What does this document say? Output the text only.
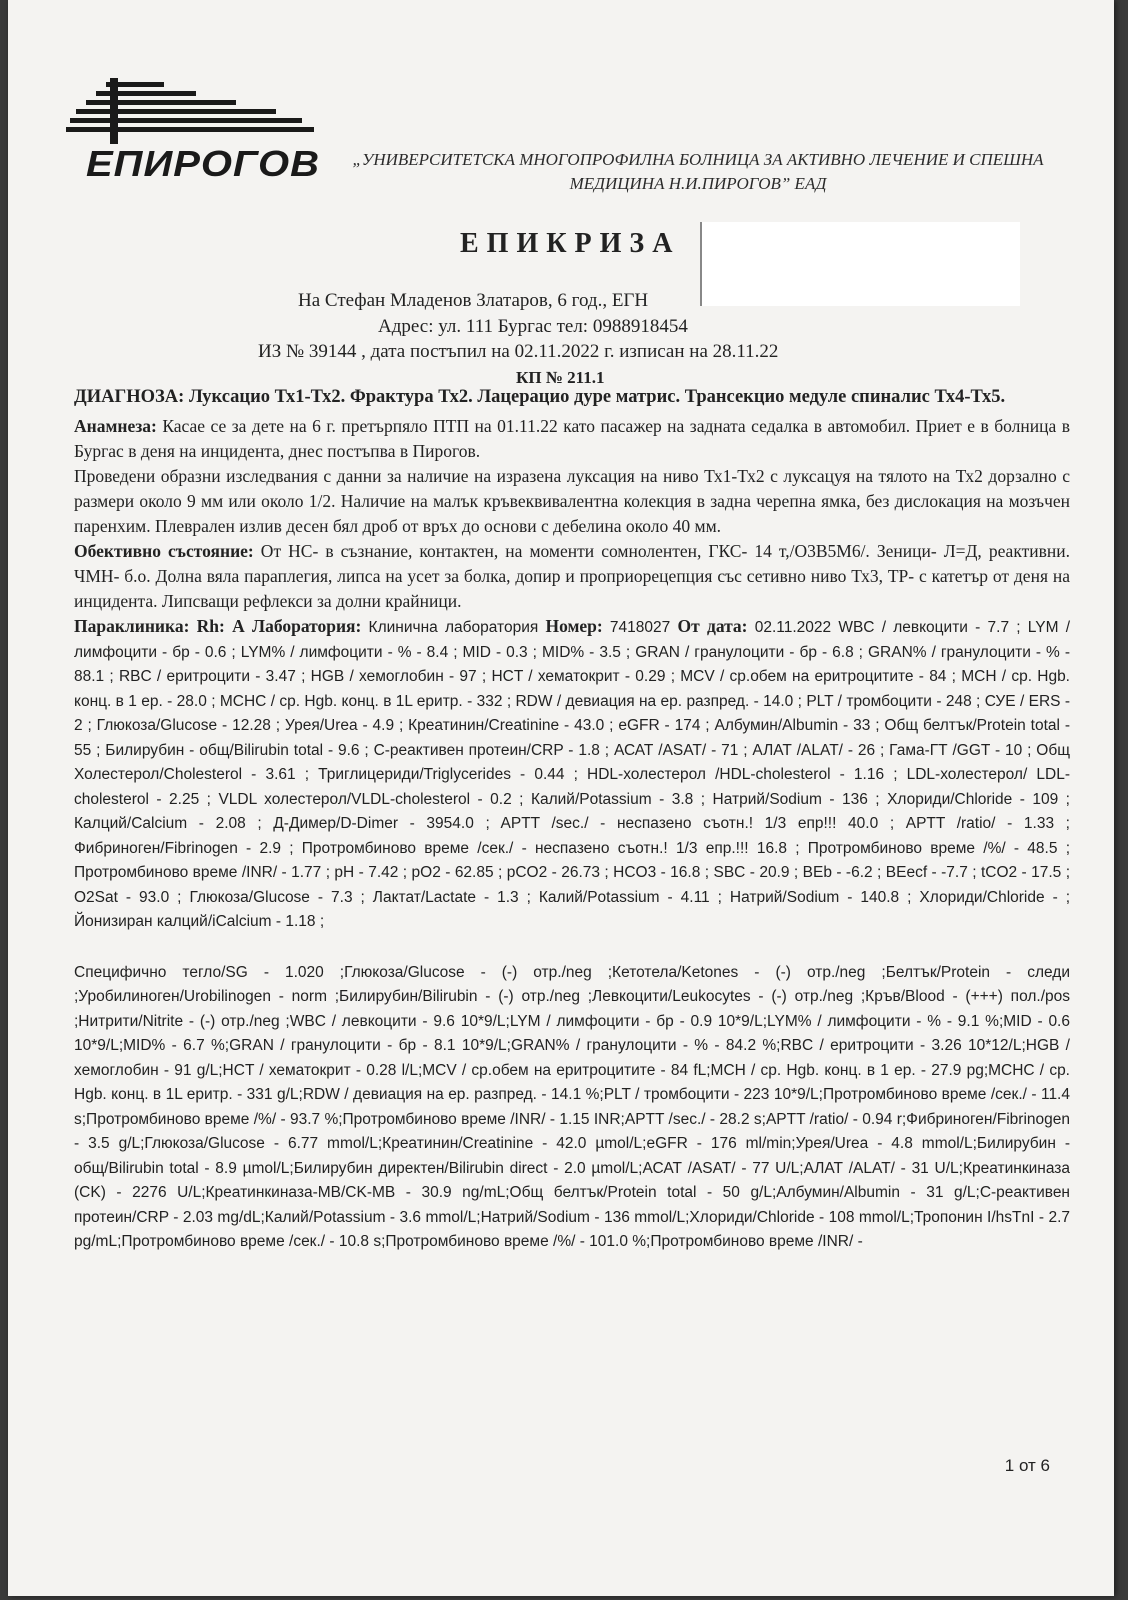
ЕПИРОГОВ	„УНИВЕРСИТЕТСКА МНОГОПРОФИЛНА БОЛНИЦА ЗА АКТИВНО ЛЕЧЕНИЕ И СПЕШНА
МЕДИЦИНА Н.И.ПИРОГОВ” ЕАД
ЕПИКРИЗА
На Стефан Младенов Златаров, 6 год., ЕГН
Адрес: ул. 111 Бургас тел: 0988918454
ИЗ № 39144 , дата постъпил на 02.11.2022 г. изписан на 28.11.22
КП № 211.1

ДИАГНОЗА: Луксацио Тх1-Тх2. Фрактура Тх2. Лацерацио дуре матрис. Трансекцио медуле спиналис Тх4-Тх5.

Анамнеза: Касае се за дете на 6 г. претърпяло ПТП на 01.11.22 като пасажер на задната седалка в автомобил. Приет е в болница в Бургас в деня на инцидента, днес постъпва в Пирогов.

Проведени образни изследвания с данни за наличие на изразена луксация на ниво Тх1-Тх2 с луксацуя на тялото на Тх2 дорзално с размери около 9 мм или около 1/2. Наличие на малък кръвеквивалентна колекция в задна черепна ямка, без дислокация на мозъчен паренхим. Плеврален излив десен бял дроб от връх до основи с дебелина около 40 мм.

Обективно състояние: От НС- в съзнание, контактен, на моменти сомнолентен, ГКС- 14 т,/О3В5М6/. Зеници- Л=Д, реактивни. ЧМН- б.о. Долна вяла параплегия, липса на усет за болка, допир и проприорецепция със сетивно ниво Тх3, ТР- с катетър от деня на инцидента. Липсващи рефлекси за долни крайници.

Параклиника: Rh: А Лаборатория: Клинична лаборатория Номер: 7418027 От дата: 02.11.2022 WBC / левкоцити - 7.7 ; LYM / лимфоцити - бр - 0.6 ; LYM% / лимфоцити - % - 8.4 ; MID - 0.3 ; MID% - 3.5 ; GRAN / гранулоцити - бр - 6.8 ; GRAN% / гранулоцити - % - 88.1 ; RBC / еритроцити - 3.47 ; HGB / хемоглобин - 97 ; HCT / хематокрит - 0.29 ; MCV / ср.обем на еритроцитите - 84 ; MCH / ср. Hgb. конц. в 1 ер. - 28.0 ; MCHC / ср. Hgb. конц. в 1L еритр. - 332 ; RDW / девиация на ер. разпред. - 14.0 ; PLT / тромбоцити - 248 ; СУЕ / ERS - 2 ; Глюкоза/Glucose - 12.28 ; Урея/Urea - 4.9 ; Креатинин/Creatinine - 43.0 ; eGFR - 174 ; Албумин/Albumin - 33 ; Общ белтък/Protein total - 55 ; Билирубин - общ/Bilirubin total - 9.6 ; С-реактивен протеин/CRP - 1.8 ; АСАТ /ASAT/ - 71 ; АЛАТ /ALAT/ - 26 ; Гама-ГТ /GGT - 10 ; Общ Холестерол/Cholesterol - 3.61 ; Триглицериди/Triglycerides - 0.44 ; HDL-холестерол /HDL-cholesterol - 1.16 ; LDL-холестерол/ LDL-cholesterol - 2.25 ; VLDL холестерол/VLDL-cholesterol - 0.2 ; Калий/Potassium - 3.8 ; Натрий/Sodium - 136 ; Хлориди/Chloride - 109 ; Калций/Calcium - 2.08 ; Д-Димер/D-Dimer - 3954.0 ; APTT /sec./ - неспазено съотн.! 1/3 епр!!! 40.0 ; APTT /ratio/ - 1.33 ; Фибриноген/Fibrinogen - 2.9 ; Протромбиново време /сек./ - неспазено съотн.! 1/3 епр.!!! 16.8 ; Протромбиново време /%/ - 48.5 ; Протромбиново време /INR/ - 1.77 ; pH - 7.42 ; pO2 - 62.85 ; pCO2 - 26.73 ; HCO3 - 16.8 ; SBC - 20.9 ; BEb - -6.2 ; BEecf - -7.7 ; tCO2 - 17.5 ; O2Sat - 93.0 ; Глюкоза/Glucose - 7.3 ; Лактат/Lactate - 1.3 ; Калий/Potassium - 4.11 ; Натрий/Sodium - 140.8 ; Хлориди/Chloride - ; Йонизиран калций/iCalcium - 1.18 ;

Специфично тегло/SG - 1.020 ;Глюкоза/Glucose - (-) отр./neg ;Кетотела/Ketones - (-) отр./neg ;Белтък/Protein - следи ;Уробилиноген/Urobilinogen - norm ;Билирубин/Bilirubin - (-) отр./neg ;Левкоцити/Leukocytes - (-) отр./neg ;Кръв/Blood - (+++) пол./pos ;Нитрити/Nitrite - (-) отр./neg ;WBC / левкоцити - 9.6 10*9/L;LYM / лимфоцити - бр - 0.9 10*9/L;LYM% / лимфоцити - % - 9.1 %;MID - 0.6 10*9/L;MID% - 6.7 %;GRAN / гранулоцити - бр - 8.1 10*9/L;GRAN% / гранулоцити - % - 84.2 %;RBC / еритроцити - 3.26 10*12/L;HGB / хемоглобин - 91 g/L;HCT / хематокрит - 0.28 l/L;MCV / ср.обем на еритроцитите - 84 fL;MCH / ср. Hgb. конц. в 1 ер. - 27.9 pg;MCHC / ср. Hgb. конц. в 1L еритр. - 331 g/L;RDW / девиация на ер. разпред. - 14.1 %;PLT / тромбоцити - 223 10*9/L;Протромбиново време /сек./ - 11.4 s;Протромбиново време /%/ - 93.7 %;Протромбиново време /INR/ - 1.15 INR;APTT /sec./ - 28.2 s;APTT /ratio/ - 0.94 r;Фибриноген/Fibrinogen - 3.5 g/L;Глюкоза/Glucose - 6.77 mmol/L;Креатинин/Creatinine - 42.0 µmol/L;eGFR - 176 ml/min;Урея/Urea - 4.8 mmol/L;Билирубин - общ/Bilirubin total - 8.9 µmol/L;Билирубин директен/Bilirubin direct - 2.0 µmol/L;АСАТ /ASAT/ - 77 U/L;АЛАТ /ALAT/ - 31 U/L;Креатинкиназа (CK) - 2276 U/L;Креатинкиназа-MB/CK-MB - 30.9 ng/mL;Общ белтък/Protein total - 50 g/L;Албумин/Albumin - 31 g/L;С-реактивен протеин/CRP - 2.03 mg/dL;Калий/Potassium - 3.6 mmol/L;Натрий/Sodium - 136 mmol/L;Хлориди/Chloride - 108 mmol/L;Тропонин I/hsTnI - 2.7 pg/mL;Протромбиново време /сек./ - 10.8 s;Протромбиново време /%/ - 101.0 %;Протромбиново време /INR/ -

1 от 6
